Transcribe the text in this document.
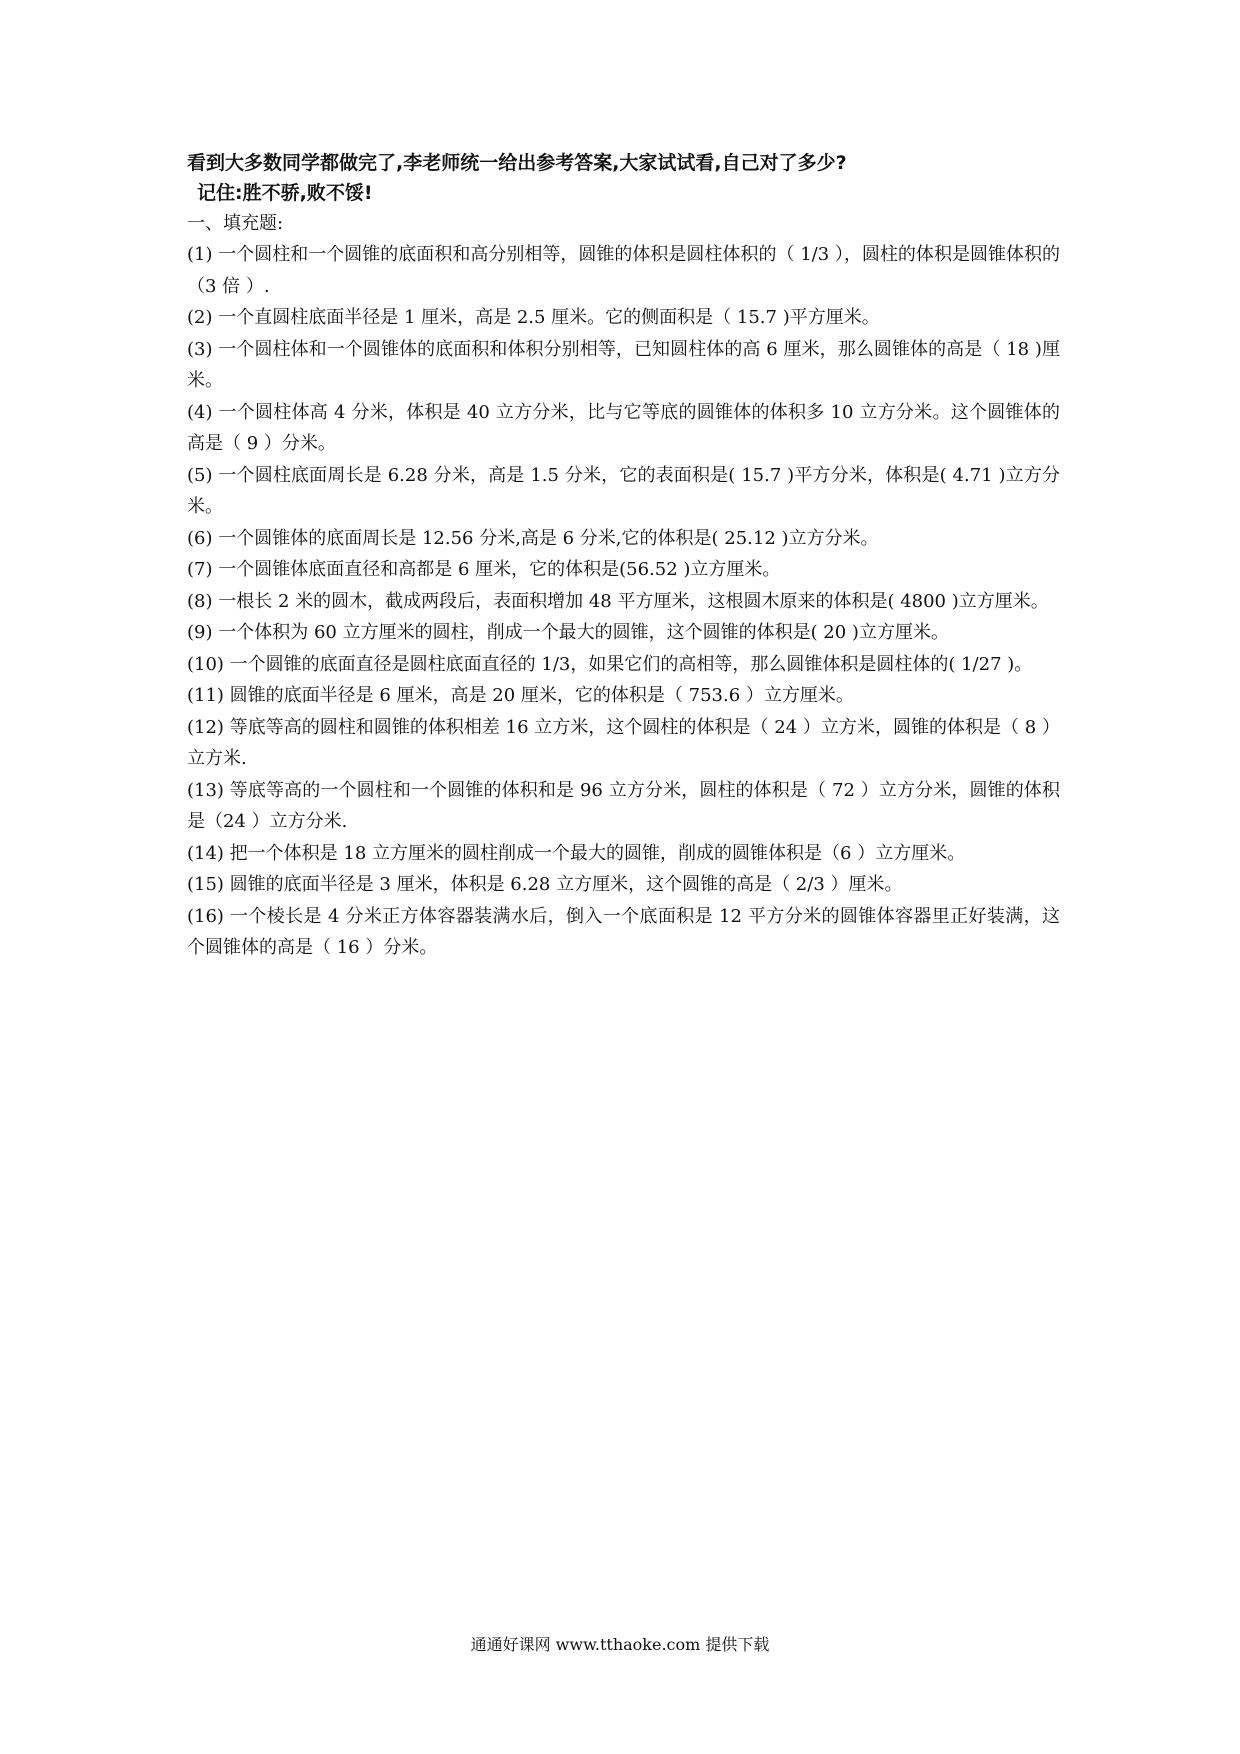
看到大多数同学都做完了,李老师统一给出参考答案,大家试试看,自己对了多少?

记住:胜不骄,败不馁!

一、填充题:

(1) 一个圆柱和一个圆锥的底面积和高分别相等，圆锥的体积是圆柱体积的（ 1/3 ），圆柱的体积是圆锥体积的（3 倍 ）.

(2) 一个直圆柱底面半径是 1 厘米，高是 2.5 厘米。它的侧面积是（ 15.7 )平方厘米。

(3) 一个圆柱体和一个圆锥体的底面积和体积分别相等，已知圆柱体的高 6 厘米，那么圆锥体的高是（ 18 )厘米。

(4) 一个圆柱体高 4 分米，体积是 40 立方分米，比与它等底的圆锥体的体积多 10 立方分米。这个圆锥体的高是（ 9 ）分米。

(5) 一个圆柱底面周长是 6.28 分米，高是 1.5 分米，它的表面积是( 15.7 )平方分米，体积是( 4.71 )立方分米。

(6) 一个圆锥体的底面周长是 12.56 分米,高是 6 分米,它的体积是( 25.12 )立方分米。

(7) 一个圆锥体底面直径和高都是 6 厘米，它的体积是(56.52 )立方厘米。

(8) 一根长 2 米的圆木，截成两段后，表面积增加 48 平方厘米，这根圆木原来的体积是( 4800 )立方厘米。

(9) 一个体积为 60 立方厘米的圆柱，削成一个最大的圆锥，这个圆锥的体积是( 20 )立方厘米。

(10) 一个圆锥的底面直径是圆柱底面直径的 1/3，如果它们的高相等，那么圆锥体积是圆柱体的( 1/27 )。

(11) 圆锥的底面半径是 6 厘米，高是 20 厘米，它的体积是（ 753.6 ）立方厘米。

(12) 等底等高的圆柱和圆锥的体积相差 16 立方米，这个圆柱的体积是（ 24 ）立方米，圆锥的体积是（ 8 ）立方米.

(13) 等底等高的一个圆柱和一个圆锥的体积和是 96 立方分米，圆柱的体积是（ 72 ）立方分米，圆锥的体积是（24 ）立方分米.

(14) 把一个体积是 18 立方厘米的圆柱削成一个最大的圆锥，削成的圆锥体积是（6 ）立方厘米。

(15) 圆锥的底面半径是 3 厘米，体积是 6.28 立方厘米，这个圆锥的高是（ 2/3 ）厘米。

(16) 一个棱长是 4 分米正方体容器装满水后，倒入一个底面积是 12 平方分米的圆锥体容器里正好装满，这个圆锥体的高是（ 16 ）分米。

通通好课网 www.tthaoke.com 提供下载
